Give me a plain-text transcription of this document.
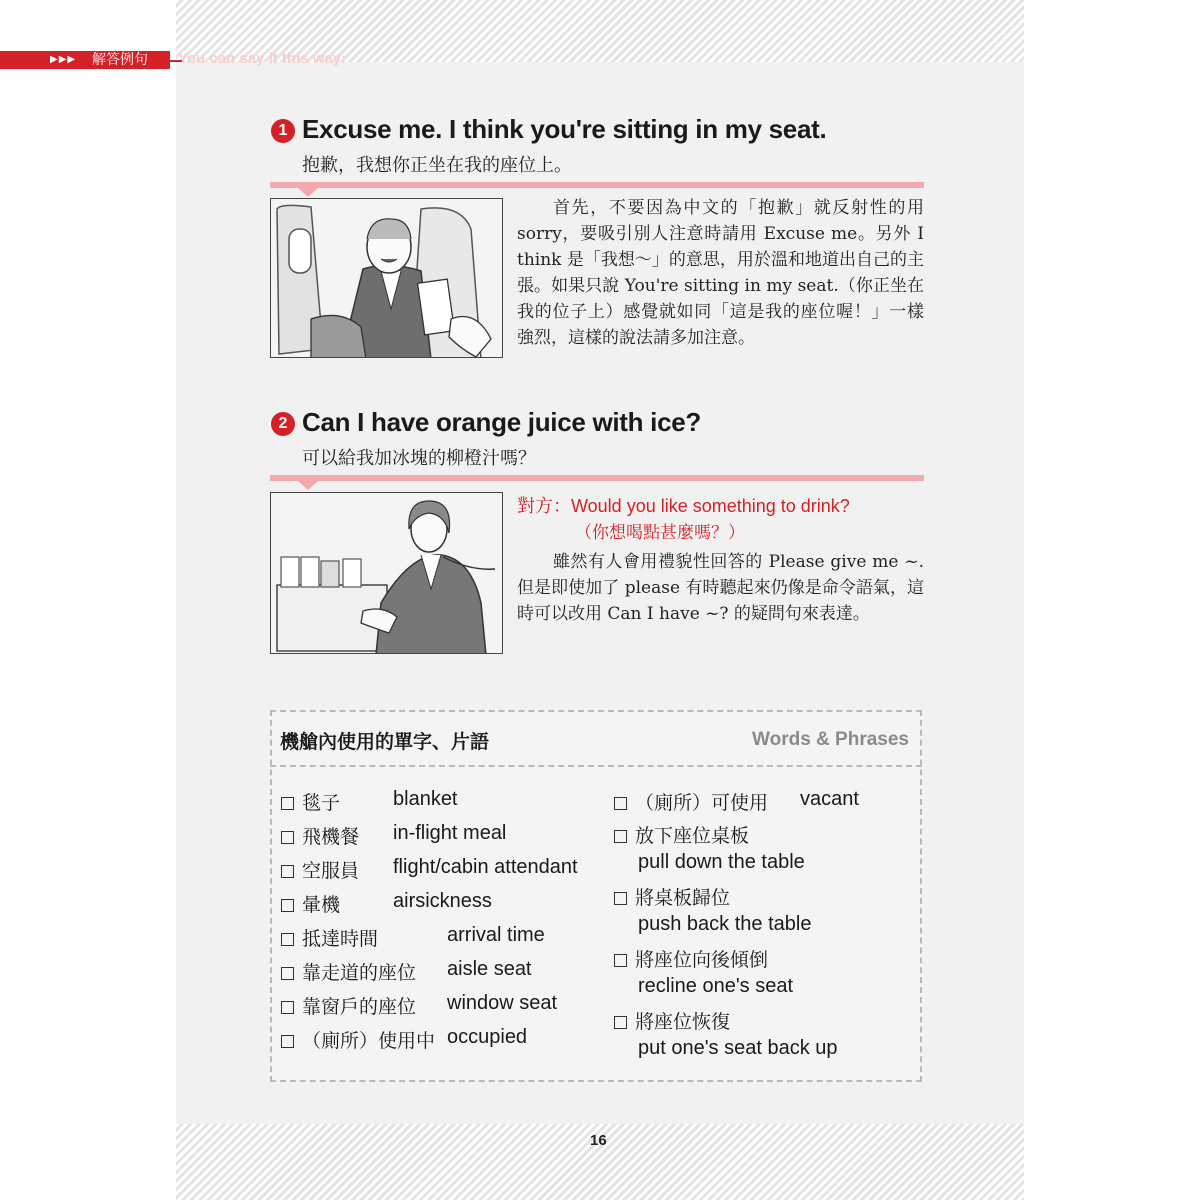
▶▶▶ 解答例句 You can say it this way:
1 Excuse me. I think you're sitting in my seat.
抱歉，我想你正坐在我的座位上。
首先，不要因為中文的「抱歉」就反射性的用 sorry，要吸引別人注意時請用 Excuse me。另外 I think 是「我想～」的意思，用於溫和地道出自己的主張。如果只說 You're sitting in my seat.（你正坐在我的位子上）感覺就如同「這是我的座位喔！」一樣強烈，這樣的說法請多加注意。
2 Can I have orange juice with ice?
可以給我加冰塊的柳橙汁嗎？
對方：Would you like something to drink?
（你想喝點甚麼嗎？）
雖然有人會用禮貌性回答的 Please give me ~. 但是即使加了 please 有時聽起來仍像是命令語氣，這時可以改用 Can I have ~? 的疑問句來表達。
機艙內使用的單字、片語	Words & Phrases
毯子	blanket
飛機餐 in-flight meal
空服員 flight/cabin attendant
暈機	airsickness
抵達時間	arrival time
靠走道的座位 aisle seat
靠窗戶的座位 window seat
（廁所）使用中 occupied
（廁所）可使用 vacant
放下座位桌板
pull down the table
將桌板歸位
push back the table
將座位向後傾倒
recline one's seat
將座位恢復
put one's seat back up
16
